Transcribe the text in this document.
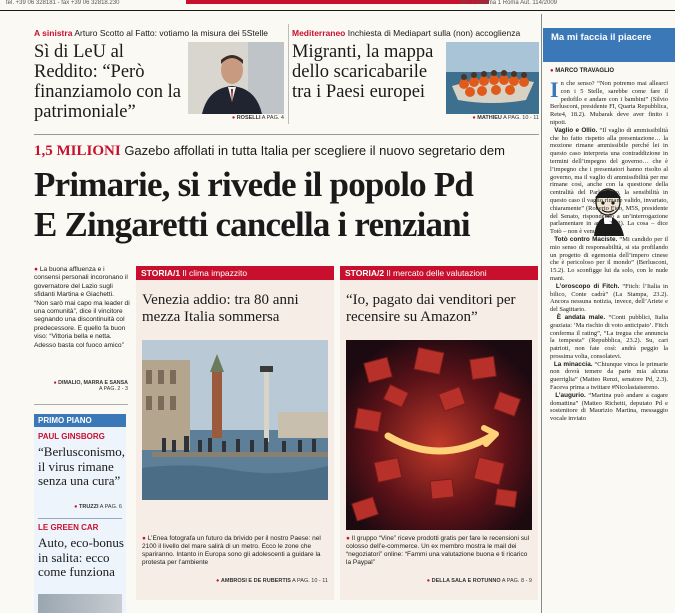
tel. +39 06 328181 - fax +39 06 32818.230	Art. 1 comma 1 Roma Aut. 114/2009
A sinistra Arturo Scotto al Fatto: votiamo la misura dei 5Stelle
Sì di LeU al Reddito: “Però finanziamolo con la patrimoniale”	● ROSELLI A PAG. 4
Mediterraneo Inchiesta di Mediapart sulla (non) accoglienza
Migranti, la mappa dello scaricabarile tra i Paesi europei
● MATHIEU A PAG. 10 - 11
1,5 MILIONI Gazebo affollati in tutta Italia per scegliere il nuovo segretario dem
Primarie, si rivede il popolo Pd
E Zingaretti cancella i renziani
● La buona affluenza e i consensi personali incoronano il governatore del Lazio sugli sfidanti Martina e Giachetti. “Non sarò mai capo ma leader di una comunità”, dice il vincitore segnando una discontinuità col predecessore. E quello fa buon viso: “Vittoria bella e netta. Adesso basta col fuoco amico”
● DIMALIO, MARRA E SANSA
A PAG. 2 - 3
PRIMO PIANO
PAUL GINSBORG
“Berlusconismo, il virus rimane senza una cura”
● TRUZZI A PAG. 6
LE GREEN CAR
Auto, eco-bonus in salita: ecco come funziona
STORIA/1 Il clima impazzito
Venezia addio: tra 80 anni mezza Italia sommersa
● L’Enea fotografa un futuro da brivido per il nostro Paese: nel 2100 il livello del mare salirà di un metro. Ecco le zone che spariranno. Intanto in Europa sono gli adolescenti a guidare la protesta per l’ambiente
● AMBROSI E DE RUBERTIS A PAG. 10 - 11
STORIA/2 Il mercato delle valutazioni
“Io, pagato dai venditori per recensire su Amazon”
● Il gruppo “Vine” riceve prodotti gratis per fare le recensioni sul colosso dell’e-commerce. Un ex membro mostra le mail dei “negoziatori” online: “Fammi una valutazione buona e ti ricarico la Paypal”
● DELLA SALA E ROTUNNO A PAG. 8 - 9
Ma mi faccia il piacere
● MARCO TRAVAGLIO
In che senso? “Non potremo mai allearci con i 5 Stelle, sarebbe come fare il pedofilo e andare con i bambini” (Silvio Berlusconi, presidente FI, Quarta Repubblica, Rete4, 18.2). Mubarak deve aver finito i nipoti.
Vaglio e Ollio. “Il vaglio di ammissibilità che ho fatto rispetto alla presentazione… la mozione rimane ammissibile perché lei in questo caso interpreta una contraddizione in termini dell’impegno del governo… che è l’impegno che i presentatori hanno risolto al governo, ma il vaglio di ammissibilità per me rimane così, anche con la questione della centralità del Parlamento, la sensibilità in questo caso il vaglio rimane valido, invariato, chiaramente” (Roberto Fico, M5S, presidente del Senato, rispondendo a un’interrogazione parlamentare in aula, 24.2). La cosa – dice Totò – non è venuta chiara.
Totò contro Maciste. “Mi candido per il mio senso di responsabilità, si sta profilando un progetto di egemonia dell’impero cinese che è pericoloso per il mondo” (Berlusconi, 15.2). Lo sconfigge lui da solo, con le nude mani.
L’oroscopo di Fitch. “Fitch: l’Italia in bilico, Conte cadrà” (La Stampa, 23.2). Ancora nessuna notizia, invece, dell’Ariete e del Sagittario.
È andata male. “Conti pubblici, Italia graziata: ‘Ma rischio di voto anticipato’. Fitch conferma il rating”, “La tregua che annuncia la tempesta” (Repubblica, 23.2). Su, cari patrioti, non fate così: andrà peggio la prossima volta, consolatevi.
La minaccia. “Chiunque vinca le primarie non dovrà temere da parte mia alcuna guerriglia” (Matteo Renzi, senatore Pd, 2.3). Faceva prima a twittare #Nicolastaisereno.
L’augurio. “Martina può andare a cagare domattina” (Matteo Richetti, deputato Pd e sostenitore di Maurizio Martina, messaggio vocale inviato
